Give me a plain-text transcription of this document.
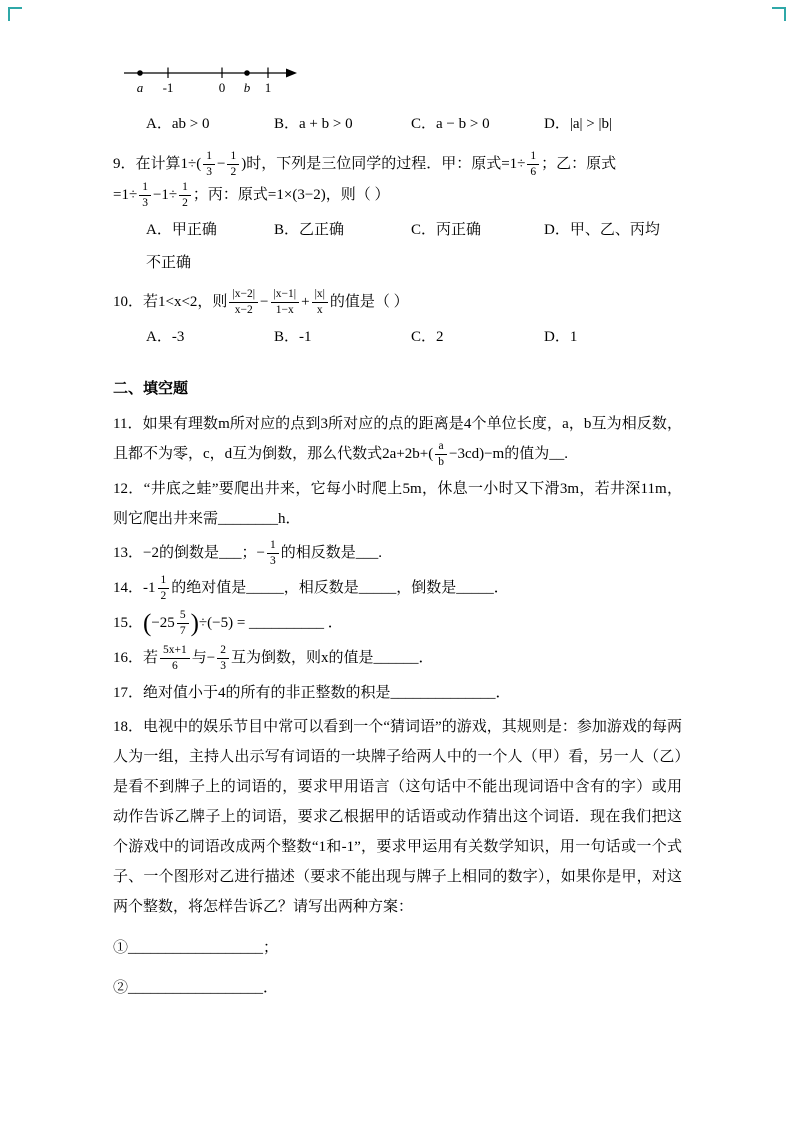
a -1	0 b 1
A．ab > 0	B．a + b > 0	C．a − b > 0	D．|a| > |b|
9．在计算$1\div( \frac{1}{3} - \frac{1}{2}$ )时，下列是三位同学的过程．甲：原式$=1\div \frac{1}{6}$ ；乙：原式
$=1\div \frac{1}{3} -1\div \frac{1}{2}$ ；丙：原式=1×(3−2)，则（ ）
A．甲正确	B．乙正确	C．丙正确	D．甲、乙、丙均
不正确
10．若1<x<2，则 $\frac{|x-2|}{x-2} - \frac{|x-1|}{1-x} + \frac{|x|}{x}$ 的值是（ ）
A．-3	B．-1	C．2	D．1
二、填空题
11．如果有理数m所对应的点到3所对应的点的距离是4个单位长度，a，b互为相反数，且都不为零，c，d互为倒数，那么代数式$2a+2b+( \frac{a}{b} -3cd)-m$的值为__.
12．“井底之蛙”要爬出井来，它每小时爬上5m，休息一小时又下滑3m，若井深11m，则它爬出井来需________h．
13．−2的倒数是___；− $\frac{1}{3}$ 的相反数是___.
14．$-1 \frac{1}{2}$ 的绝对值是_____，相反数是_____，倒数是_____．
15．$(-25 \frac{5}{7} )\div(-5)$ = __________ ．
16．若 $\frac{5x+1}{6}$ 与− $\frac{2}{3}$ 互为倒数，则x的值是______．
17．绝对值小于4的所有的非正整数的积是______________．
18．电视中的娱乐节目中常可以看到一个“猜词语”的游戏，其规则是：参加游戏的每两人为一组，主持人出示写有词语的一块牌子给两人中的一个人（甲）看，另一人（乙）是看不到牌子上的词语的，要求甲用语言（这句话中不能出现词语中含有的字）或用动作告诉乙牌子上的词语，要求乙根据甲的话语或动作猜出这个词语．现在我们把这个游戏中的词语改成两个整数“1和-1”，要求甲运用有关数学知识，用一句话或一个式子、一个图形对乙进行描述（要求不能出现与牌子上相同的数字），如果你是甲，对这两个整数，将怎样告诉乙？请写出两种方案：
①__________________；
②__________________．
